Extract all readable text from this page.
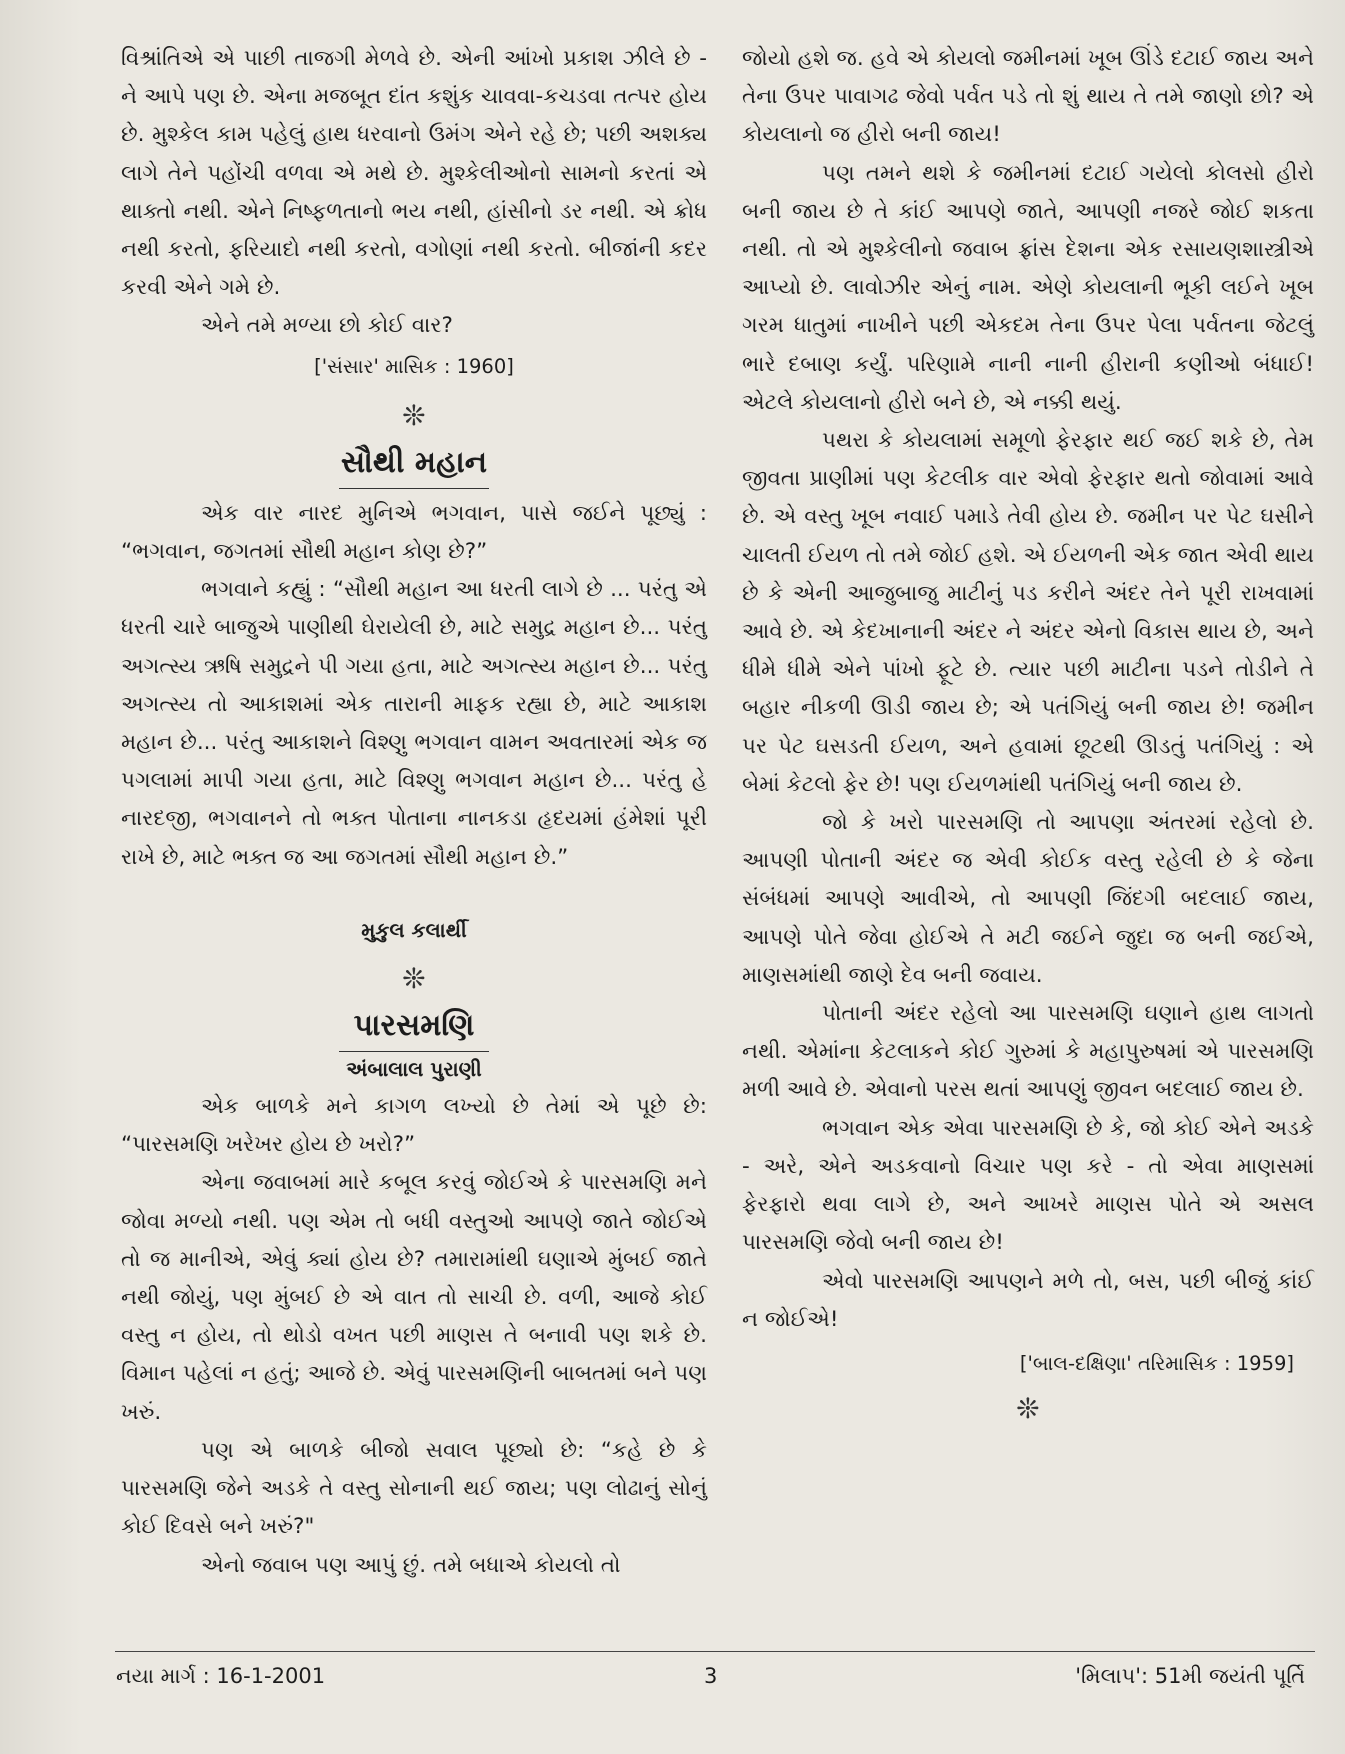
વિશ્રાંતિએ એ પાછી તાજગી મેળવે છે. એની આંખો પ્રકાશ ઝીલે છે - ને આપે પણ છે. એના મજબૂત દાંત કશુંક ચાવવા-કચડવા તત્પર હોય છે. મુશ્કેલ કામ પહેલું હાથ ધરવાનો ઉમંગ એને રહે છે; પછી અશક્ય લાગે તેને પહોંચી વળવા એ મથે છે. મુશ્કેલીઓનો સામનો કરતાં એ થાક્તો નથી. એને નિષ્ફળતાનો ભય નથી, હાંસીનો ડર નથી. એ ક્રોધ નથી કરતો, ફરિયાદો નથી કરતો, વગોણાં નથી કરતો. બીજાંની કદર કરવી એને ગમે છે.

એને તમે મળ્યા છો કોઈ વાર?

['સંસાર' માસિક : 1960]
❊
સૌથી મહાન

એક વાર નારદ મુનિએ ભગવાન, પાસે જઈને પૂછ્યું : “ભગવાન, જગતમાં સૌથી મહાન કોણ છે?”

ભગવાને કહ્યું : “સૌથી મહાન આ ધરતી લાગે છે ... પરંતુ એ ધરતી ચારે બાજુએ પાણીથી ઘેરાયેલી છે, માટે સમુદ્ર મહાન છે... પરંતુ અગત્સ્ય ઋષિ સમુદ્રને પી ગયા હતા, માટે અગત્સ્ય મહાન છે... પરંતુ અગત્સ્ય તો આકાશમાં એક તારાની માફક રહ્યા છે, માટે આકાશ મહાન છે... પરંતુ આકાશને વિશ્ણુ ભગવાન વામન અવતારમાં એક જ પગલામાં માપી ગયા હતા, માટે વિશ્ણુ ભગવાન મહાન છે... પરંતુ હે નારદજી, ભગવાનને તો ભક્ત પોતાના નાનકડા હૃદયમાં હંમેશાં પૂરી રાખે છે, માટે ભક્ત જ આ જગતમાં સૌથી મહાન છે.”

મુકુલ કલાર્થી
❊
પારસમણિ
અંબાલાલ પુરાણી

એક બાળકે મને કાગળ લખ્યો છે તેમાં એ પૂછે છે: “પારસમણિ ખરેખર હોય છે ખરો?”

એના જવાબમાં મારે કબૂલ કરવું જોઈએ કે પારસમણિ મને જોવા મળ્યો નથી. પણ એમ તો બધી વસ્તુઓ આપણે જાતે જોઈએ તો જ માનીએ, એવું ક્યાં હોય છે? તમારામાંથી ઘણાએ મુંબઈ જાતે નથી જોયું, પણ મુંબઈ છે એ વાત તો સાચી છે. વળી, આજે કોઈ વસ્તુ ન હોય, તો થોડો વખત પછી માણસ તે બનાવી પણ શકે છે. વિમાન પહેલાં ન હતું; આજે છે. એવું પારસમણિની બાબતમાં બને પણ ખરું.

પણ એ બાળકે બીજો સવાલ પૂછ્યો છે: “કહે છે કે પારસમણિ જેને અડકે તે વસ્તુ સોનાની થઈ જાય; પણ લોઢાનું સોનું કોઈ દિવસે બને ખરું?"

એનો જવાબ પણ આપું છું. તમે બધાએ કોયલો તો

જોયો હશે જ. હવે એ કોયલો જમીનમાં ખૂબ ઊંડે દટાઈ જાય અને તેના ઉપર પાવાગઢ જેવો પર્વત પડે તો શું થાય તે તમે જાણો છો? એ કોયલાનો જ હીરો બની જાય!

પણ તમને થશે કે જમીનમાં દટાઈ ગયેલો કોલસો હીરો બની જાય છે તે કાંઈ આપણે જાતે, આપણી નજરે જોઈ શકતા નથી. તો એ મુશ્કેલીનો જવાબ ફ્રાંસ દેશના એક રસાયણશાસ્ત્રીએ આપ્યો છે. લાવોઝીર એનું નામ. એણે કોયલાની ભૂકી લઈને ખૂબ ગરમ ધાતુમાં નાખીને પછી એકદમ તેના ઉપર પેલા પર્વતના જેટલું ભારે દબાણ કર્યું. પરિણામે નાની નાની હીરાની કણીઓ બંધાઈ! એટલે કોયલાનો હીરો બને છે, એ નક્કી થયું.

પથરા કે કોયલામાં સમૂળો ફેરફાર થઈ જઈ શકે છે, તેમ જીવતા પ્રાણીમાં પણ કેટલીક વાર એવો ફેરફાર થતો જોવામાં આવે છે. એ વસ્તુ ખૂબ નવાઈ પમાડે તેવી હોય છે. જમીન પર પેટ ઘસીને ચાલતી ઈયળ તો તમે જોઈ હશે. એ ઈયળની એક જાત એવી થાય છે કે એની આજુબાજુ માટીનું પડ કરીને અંદર તેને પૂરી રાખવામાં આવે છે. એ કેદખાનાની અંદર ને અંદર એનો વિકાસ થાય છે, અને ધીમે ધીમે એને પાંખો ફૂટે છે. ત્યાર પછી માટીના પડને તોડીને તે બહાર નીકળી ઊડી જાય છે; એ પતંગિયું બની જાય છે! જમીન પર પેટ ઘસડતી ઈયળ, અને હવામાં છૂટથી ઊડતું પતંગિયું : એ બેમાં કેટલો ફેર છે! પણ ઈયળમાંથી પતંગિયું બની જાય છે.

જો કે ખરો પારસમણિ તો આપણા અંતરમાં રહેલો છે. આપણી પોતાની અંદર જ એવી કોઈક વસ્તુ રહેલી છે કે જેના સંબંધમાં આપણે આવીએ, તો આપણી જિંદગી બદલાઈ જાય, આપણે પોતે જેવા હોઈએ તે મટી જઈને જુદા જ બની જઈએ, માણસમાંથી જાણે દેવ બની જવાય.

પોતાની અંદર રહેલો આ પારસમણિ ઘણાને હાથ લાગતો નથી. એમાંના કેટલાકને કોઈ ગુરુમાં કે મહાપુરુષમાં એ પારસમણિ મળી આવે છે. એવાનો પરસ થતાં આપણું જીવન બદલાઈ જાય છે.

ભગવાન એક એવા પારસમણિ છે કે, જો કોઈ એને અડકે - અરે, એને અડકવાનો વિચાર પણ કરે - તો એવા માણસમાં ફેરફારો થવા લાગે છે, અને આખરે માણસ પોતે એ અસલ પારસમણિ જેવો બની જાય છે!

એવો પારસમણિ આપણને મળે તો, બસ, પછી બીજું કાંઈ ન જોઈએ!

['બાલ-દક્ષિણા' તરિમાસિક : 1959]
❊
નયા માર્ગ : 16-1-2001	3	'મિલાપ': 51મી જયંતી પૂર્તિ
